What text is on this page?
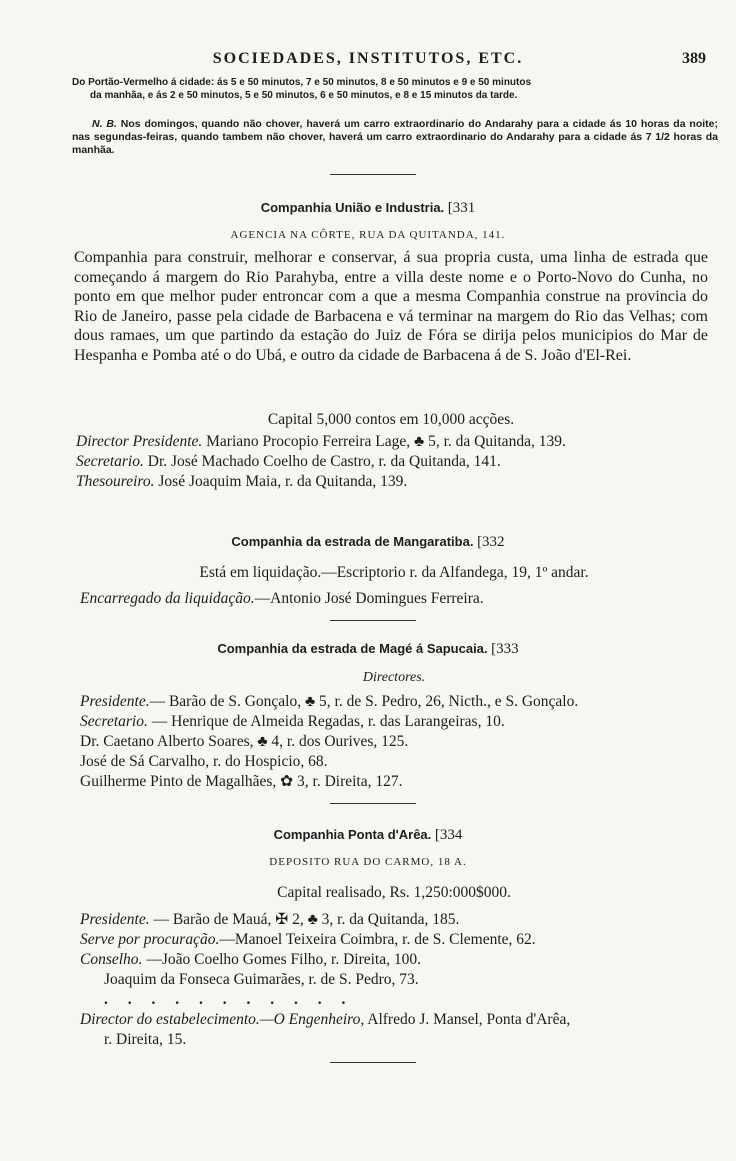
SOCIEDADES, INSTITUTOS, ETC.	389
Do Portão-Vermelho á cidade: ás 5 e 50 minutos, 7 e 50 minutos, 8 e 50 minutos e 9 e 50 minutos
da manhãa, e ás 2 e 50 minutos, 5 e 50 minutos, 6 e 50 minutos, e 8 e 15 minutos da tarde.
N. B. Nos domingos, quando não chover, haverá um carro extraordinario do Andarahy para a cidade ás 10 horas da noite; nas segundas-feiras, quando tambem não chover, haverá um carro extraordinario do Andarahy para a cidade ás 7 1/2 horas da manhãa.
Companhia União e Industria. [331
AGENCIA NA CÔRTE, RUA DA QUITANDA, 141.
Companhia para construir, melhorar e conservar, á sua propria custa, uma linha de estrada que começando á margem do Rio Parahyba, entre a villa deste nome e o Porto-Novo do Cunha, no ponto em que melhor puder entroncar com a que a mesma Companhia construe na provincia do Rio de Janeiro, passe pela cidade de Barbacena e vá terminar na margem do Rio das Velhas; com dous ramaes, um que partindo da estação do Juiz de Fóra se dirija pelos municipios do Mar de Hespanha e Pomba até o do Ubá, e outro da cidade de Barbacena á de S. João d'El-Rei.
Capital 5,000 contos em 10,000 acções.
Director Presidente. Mariano Procopio Ferreira Lage, ♣ 5, r. da Quitanda, 139.
Secretario. Dr. José Machado Coelho de Castro, r. da Quitanda, 141.
Thesoureiro. José Joaquim Maia, r. da Quitanda, 139.
Companhia da estrada de Mangaratiba. [332
Está em liquidação.—Escriptorio r. da Alfandega, 19, 1º andar.
Encarregado da liquidação.—Antonio José Domingues Ferreira.
Companhia da estrada de Magé á Sapucaia. [333
Directores.
Presidente.— Barão de S. Gonçalo, ♣ 5, r. de S. Pedro, 26, Nicth., e S. Gonçalo.
Secretario. — Henrique de Almeida Regadas, r. das Larangeiras, 10.
Dr. Caetano Alberto Soares, ♣ 4, r. dos Ourives, 125.
José de Sá Carvalho, r. do Hospicio, 68.
Guilherme Pinto de Magalhães, ✿ 3, r. Direita, 127.
Companhia Ponta d'Arêa. [334
DEPOSITO RUA DO CARMO, 18 A.
Capital realisado, Rs. 1,250:000$000.
Presidente. — Barão de Mauá, ✠ 2, ♣ 3, r. da Quitanda, 185.
Serve por procuração.—Manoel Teixeira Coimbra, r. de S. Clemente, 62.
Conselho. —João Coelho Gomes Filho, r. Direita, 100.
Joaquim da Fonseca Guimarães, r. de S. Pedro, 73.
. . . . . . . . . . .
Director do estabelecimento.—O Engenheiro, Alfredo J. Mansel, Ponta d'Arêa,
r. Direita, 15.
